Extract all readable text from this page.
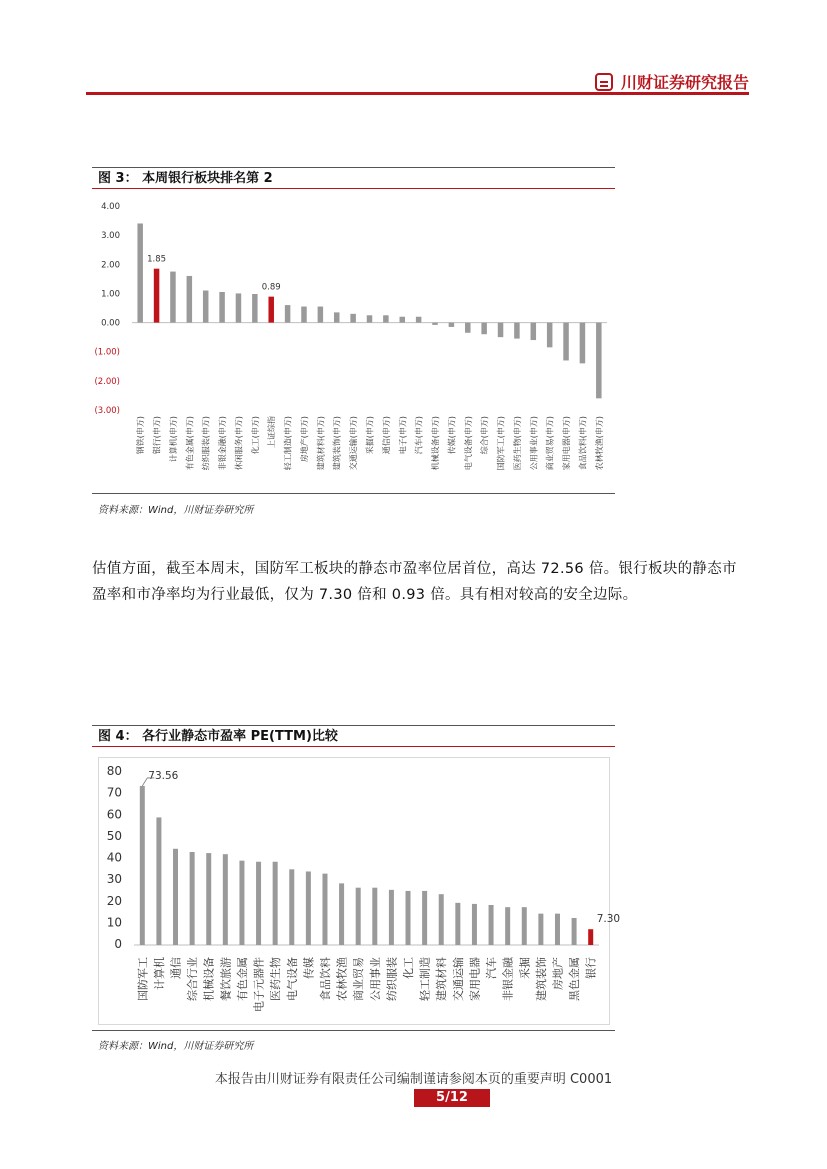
川财证券研究报告
图 3： 本周银行板块排名第 2
4.00
3.00
2.00
1.00
0.00
(1.00)
(2.00)
(3.00)
钢铁(申万)
1.85
银行(申万) 计算机(申万) 有色金属(申万) 纺织服装(申万) 非银金融(申万) 休闲服务(申万) 化工(申万)
0.89
上证综指 轻工制造(申万) 房地产(申万) 建筑材料(申万) 建筑装饰(申万) 交通运输(申万) 采掘(申万) 通信(申万) 电子(申万) 汽车(申万) 机械设备(申万) 传媒(申万) 电气设备(申万) 综合(申万) 国防军工(申万) 医药生物(申万) 公用事业(申万) 商业贸易(申万) 家用电器(申万) 食品饮料(申万) 农林牧渔(申万)
资料来源：Wind，川财证券研究所
估值方面，截至本周末，国防军工板块的静态市盈率位居首位，高达 72.56 倍。银行板块的静态市盈率和市净率均为行业最低，仅为 7.30 倍和 0.93 倍。具有相对较高的安全边际。
图 4： 各行业静态市盈率 PE(TTM)比较
80
70
60
50
40
30
20
10
0
73.56
国防军工 计算机 通信 综合行业 机械设备 餐饮旅游 有色金属 电子元器件 医药生物 电气设备 传媒 食品饮料 农林牧渔 商业贸易 公用事业 纺织服装 化工 轻工制造 建筑材料 交通运输 家用电器 汽车 非银金融 采掘 建筑装饰 房地产 黑色金属
7.30
银行
资料来源：Wind，川财证券研究所
本报告由川财证券有限责任公司编制谨请参阅本页的重要声明 C0001
5/12
